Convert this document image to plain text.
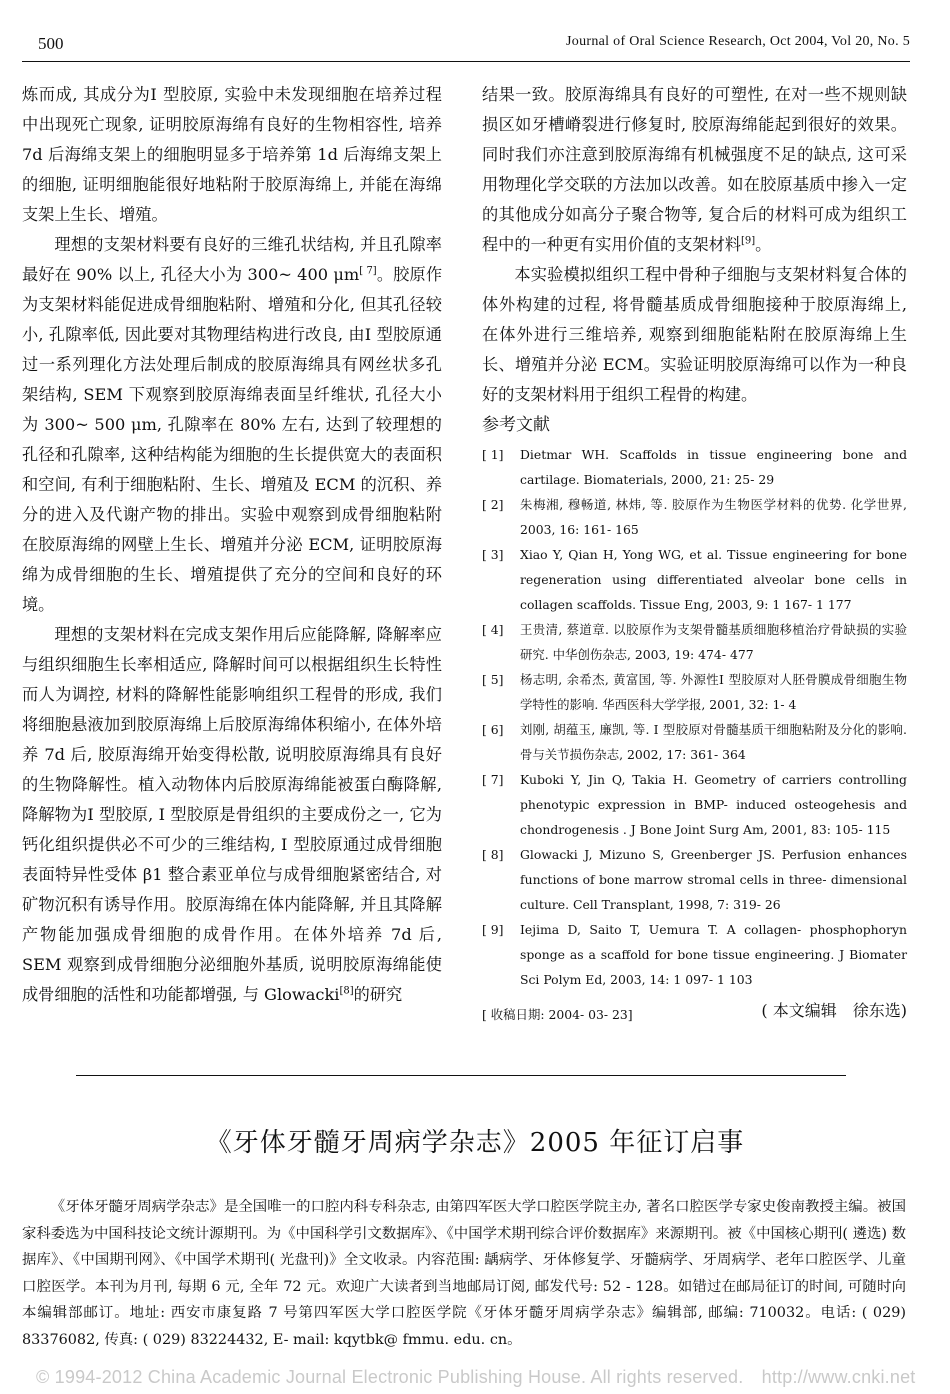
500	Journal of Oral Science Research, Oct 2004, Vol 20, No. 5

炼而成, 其成分为Ⅰ 型胶原, 实验中未发现细胞在培养过程中出现死亡现象, 证明胶原海绵有良好的生物相容性, 培养 7d 后海绵支架上的细胞明显多于培养第 1d 后海绵支架上的细胞, 证明细胞能很好地粘附于胶原海绵上, 并能在海绵支架上生长、增殖。

理想的支架材料要有良好的三维孔状结构, 并且孔隙率最好在 90% 以上, 孔径大小为 300~ 400 μm[ 7]。胶原作为支架材料能促进成骨细胞粘附、增殖和分化, 但其孔径较小, 孔隙率低, 因此要对其物理结构进行改良, 由Ⅰ 型胶原通过一系列理化方法处理后制成的胶原海绵具有网丝状多孔架结构, SEM 下观察到胶原海绵表面呈纤维状, 孔径大小为 300~ 500 μm, 孔隙率在 80% 左右, 达到了较理想的孔径和孔隙率, 这种结构能为细胞的生长提供宽大的表面积和空间, 有利于细胞粘附、生长、增殖及 ECM 的沉积、养分的进入及代谢产物的排出。实验中观察到成骨细胞粘附在胶原海绵的网壁上生长、增殖并分泌 ECM, 证明胶原海绵为成骨细胞的生长、增殖提供了充分的空间和良好的环境。

理想的支架材料在完成支架作用后应能降解, 降解率应与组织细胞生长率相适应, 降解时间可以根据组织生长特性而人为调控, 材料的降解性能影响组织工程骨的形成, 我们将细胞悬液加到胶原海绵上后胶原海绵体积缩小, 在体外培养 7d 后, 胶原海绵开始变得松散, 说明胶原海绵具有良好的生物降解性。植入动物体内后胶原海绵能被蛋白酶降解, 降解物为Ⅰ 型胶原, Ⅰ 型胶原是骨组织的主要成份之一, 它为钙化组织提供必不可少的三维结构, Ⅰ 型胶原通过成骨细胞表面特异性受体 β1 整合素亚单位与成骨细胞紧密结合, 对矿物沉积有诱导作用。胶原海绵在体内能降解, 并且其降解产物能加强成骨细胞的成骨作用。在体外培养 7d 后, SEM 观察到成骨细胞分泌细胞外基质, 说明胶原海绵能使成骨细胞的活性和功能都增强, 与 Glowacki[8]的研究

结果一致。胶原海绵具有良好的可塑性, 在对一些不规则缺损区如牙槽嵴裂进行修复时, 胶原海绵能起到很好的效果。同时我们亦注意到胶原海绵有机械强度不足的缺点, 这可采用物理化学交联的方法加以改善。如在胶原基质中掺入一定的其他成分如高分子聚合物等, 复合后的材料可成为组织工程中的一种更有实用价值的支架材料[9]。

本实验模拟组织工程中骨种子细胞与支架材料复合体的体外构建的过程, 将骨髓基质成骨细胞接种于胶原海绵上, 在体外进行三维培养, 观察到细胞能粘附在胶原海绵上生长、增殖并分泌 ECM。实验证明胶原海绵可以作为一种良好的支架材料用于组织工程骨的构建。

参考文献
[ 1] Dietmar WH. Scaffolds in tissue engineering bone and cartilage. Biomaterials, 2000, 21: 25- 29
[ 2] 朱梅湘, 穆畅道, 林炜, 等. 胶原作为生物医学材料的优势. 化学世界, 2003, 16: 161- 165
[ 3] Xiao Y, Qian H, Yong WG, et al. Tissue engineering for bone regeneration using differentiated alveolar bone cells in collagen scaffolds. Tissue Eng, 2003, 9: 1 167- 1 177
[ 4] 王贵清, 蔡道章. 以胶原作为支架骨髓基质细胞移植治疗骨缺损的实验研究. 中华创伤杂志, 2003, 19: 474- 477
[ 5] 杨志明, 余希杰, 黄富国, 等. 外源性Ⅰ 型胶原对人胚骨膜成骨细胞生物学特性的影响. 华西医科大学学报, 2001, 32: 1- 4
[ 6] 刘刚, 胡蕴玉, 廉凯, 等. Ⅰ 型胶原对骨髓基质干细胞粘附及分化的影响. 骨与关节损伤杂志, 2002, 17: 361- 364
[ 7] Kuboki Y, Jin Q, Takia H. Geometry of carriers controlling phenotypic expression in BMP- induced osteogehesis and chondrogenesis . J Bone Joint Surg Am, 2001, 83: 105- 115
[ 8] Glowacki J, Mizuno S, Greenberger JS. Perfusion enhances functions of bone marrow stromal cells in three- dimensional culture. Cell Transplant, 1998, 7: 319- 26
[ 9] Iejima D, Saito T, Uemura T. A collagen- phosphophoryn sponge as a scaffold for bone tissue engineering. J Biomater Sci Polym Ed, 2003, 14: 1 097- 1 103
[ 收稿日期: 2004- 03- 23]	( 本文编辑　徐东选)
《牙体牙髓牙周病学杂志》2005 年征订启事
《牙体牙髓牙周病学杂志》是全国唯一的口腔内科专科杂志, 由第四军医大学口腔医学院主办, 著名口腔医学专家史俊南教授主编。被国家科委选为中国科技论文统计源期刊。为《中国科学引文数据库》、《中国学术期刊综合评价数据库》来源期刊。被《中国核心期刊( 遴选) 数据库》、《中国期刊网》、《中国学术期刊( 光盘刊)》全文收录。内容范围: 龋病学、牙体修复学、牙髓病学、牙周病学、老年口腔医学、儿童口腔医学。本刊为月刊, 每期 6 元, 全年 72 元。欢迎广大读者到当地邮局订阅, 邮发代号: 52 - 128。如错过在邮局征订的时间, 可随时向本编辑部邮订。地址: 西安市康复路 7 号第四军医大学口腔医学院《牙体牙髓牙周病学杂志》编辑部, 邮编: 710032。电话: ( 029) 83376082, 传真: ( 029) 83224432, E- mail: kqytbk@ fmmu. edu. cn。
© 1994-2012 China Academic Journal Electronic Publishing House. All rights reserved.　http://www.cnki.net
